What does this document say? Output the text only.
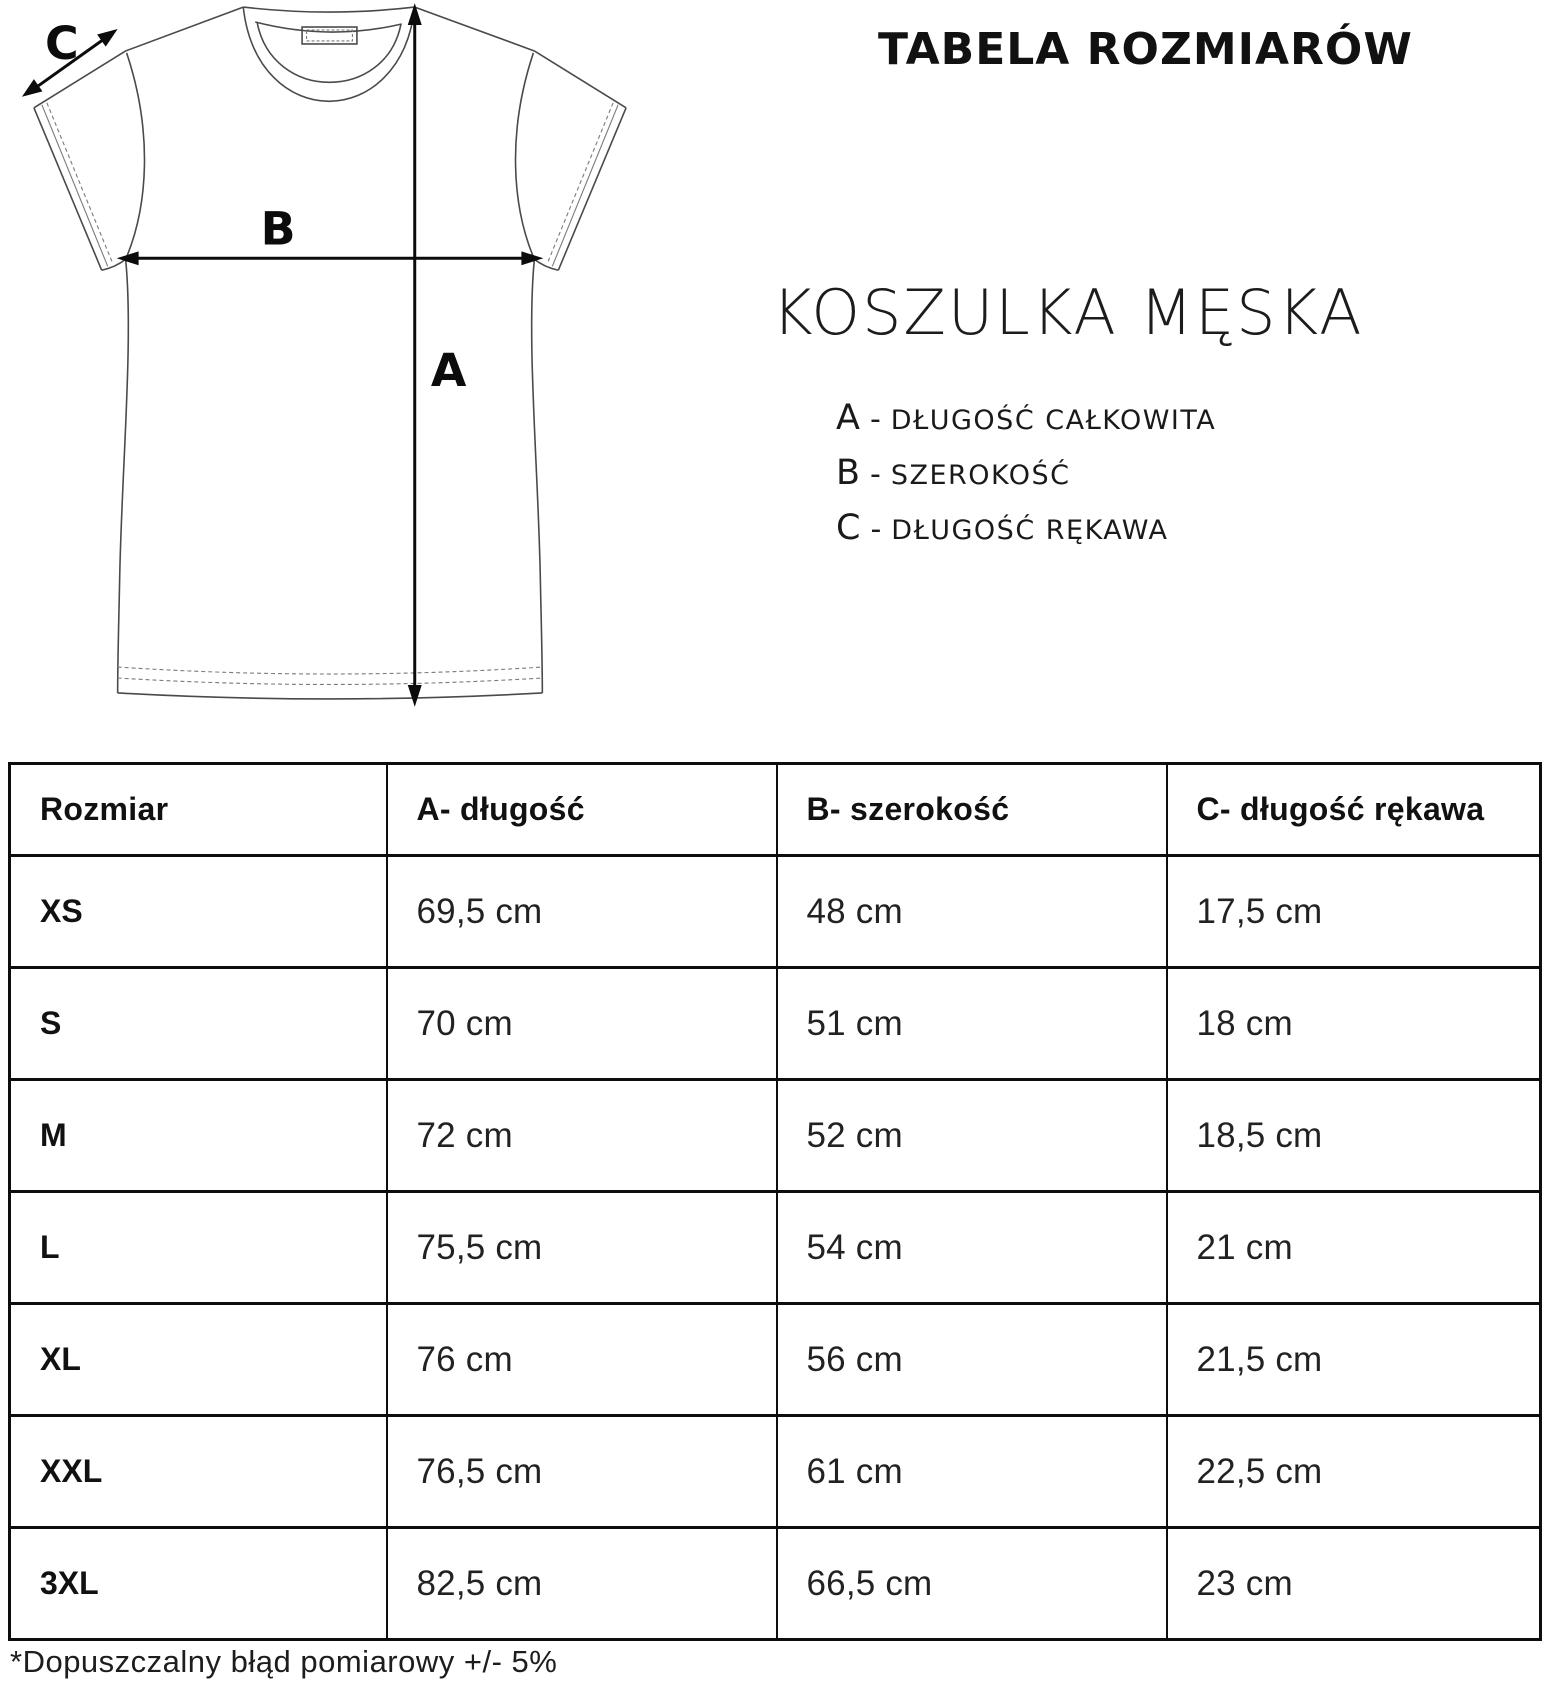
A
B
C	TABELA ROZMIARÓW
KOSZULKA MĘSKA
A - DŁUGOŚĆ CAŁKOWITA
B - SZEROKOŚĆ
C - DŁUGOŚĆ RĘKAWA
Rozmiar	A- długość	B- szerokość	C- długość rękawa
XS	69,5 cm	48 cm	17,5 cm
S	70 cm	51 cm	18 cm
M	72 cm	52 cm	18,5 cm
L	75,5 cm	54 cm	21 cm
XL	76 cm	56 cm	21,5 cm
XXL	76,5 cm	61 cm	22,5 cm
3XL	82,5 cm	66,5 cm	23 cm
*Dopuszczalny błąd pomiarowy +/- 5%
